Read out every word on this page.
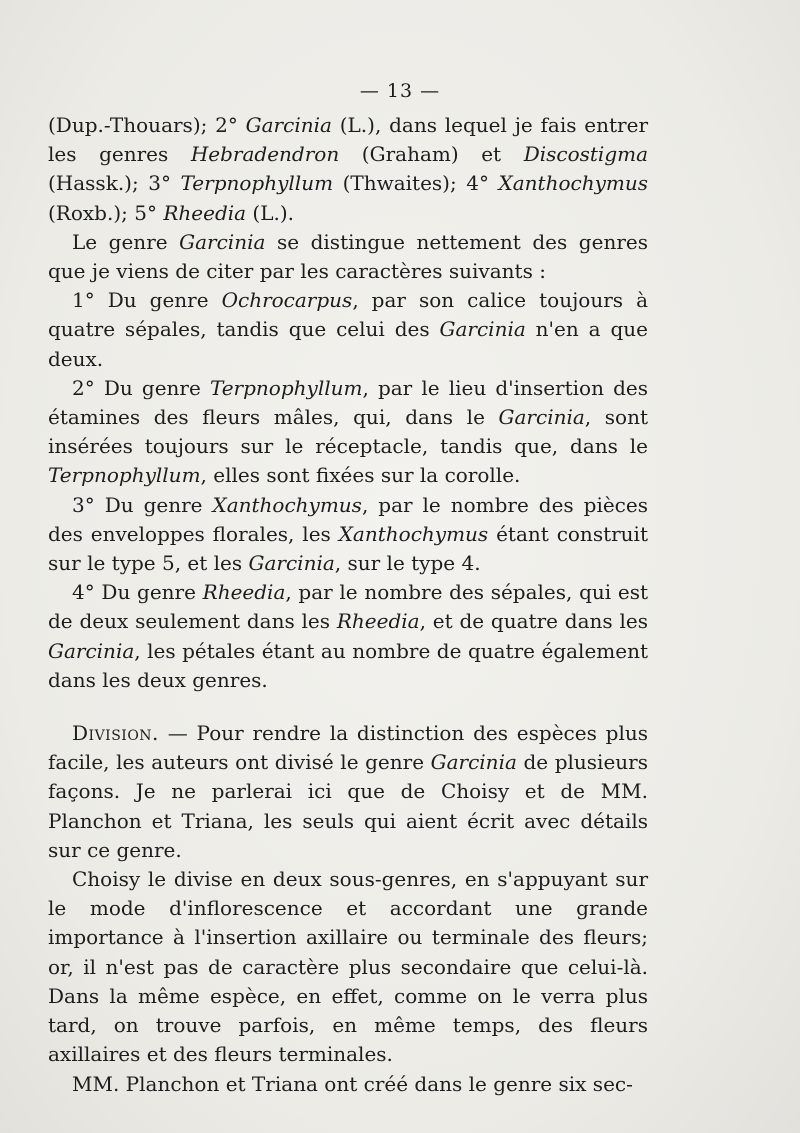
— 13 —

(Dup.-Thouars); 2° Garcinia (L.), dans lequel je fais entrer les genres Hebradendron (Graham) et Discostigma (Hassk.); 3° Terpnophyllum (Thwaites); 4° Xanthochymus (Roxb.); 5° Rheedia (L.).

Le genre Garcinia se distingue nettement des genres que je viens de citer par les caractères suivants :

1° Du genre Ochrocarpus, par son calice toujours à quatre sépales, tandis que celui des Garcinia n'en a que deux.

2° Du genre Terpnophyllum, par le lieu d'insertion des étamines des fleurs mâles, qui, dans le Garcinia, sont insérées toujours sur le réceptacle, tandis que, dans le Terpnophyllum, elles sont fixées sur la corolle.

3° Du genre Xanthochymus, par le nombre des pièces des enveloppes florales, les Xanthochymus étant construit sur le type 5, et les Garcinia, sur le type 4.

4° Du genre Rheedia, par le nombre des sépales, qui est de deux seulement dans les Rheedia, et de quatre dans les Garcinia, les pétales étant au nombre de quatre également dans les deux genres.

Division. — Pour rendre la distinction des espèces plus facile, les auteurs ont divisé le genre Garcinia de plusieurs façons. Je ne parlerai ici que de Choisy et de MM. Planchon et Triana, les seuls qui aient écrit avec détails sur ce genre.

Choisy le divise en deux sous-genres, en s'appuyant sur le mode d'inflorescence et accordant une grande importance à l'insertion axillaire ou terminale des fleurs; or, il n'est pas de caractère plus secondaire que celui-là. Dans la même espèce, en effet, comme on le verra plus tard, on trouve parfois, en même temps, des fleurs axillaires et des fleurs terminales.

MM. Planchon et Triana ont créé dans le genre six sec-
